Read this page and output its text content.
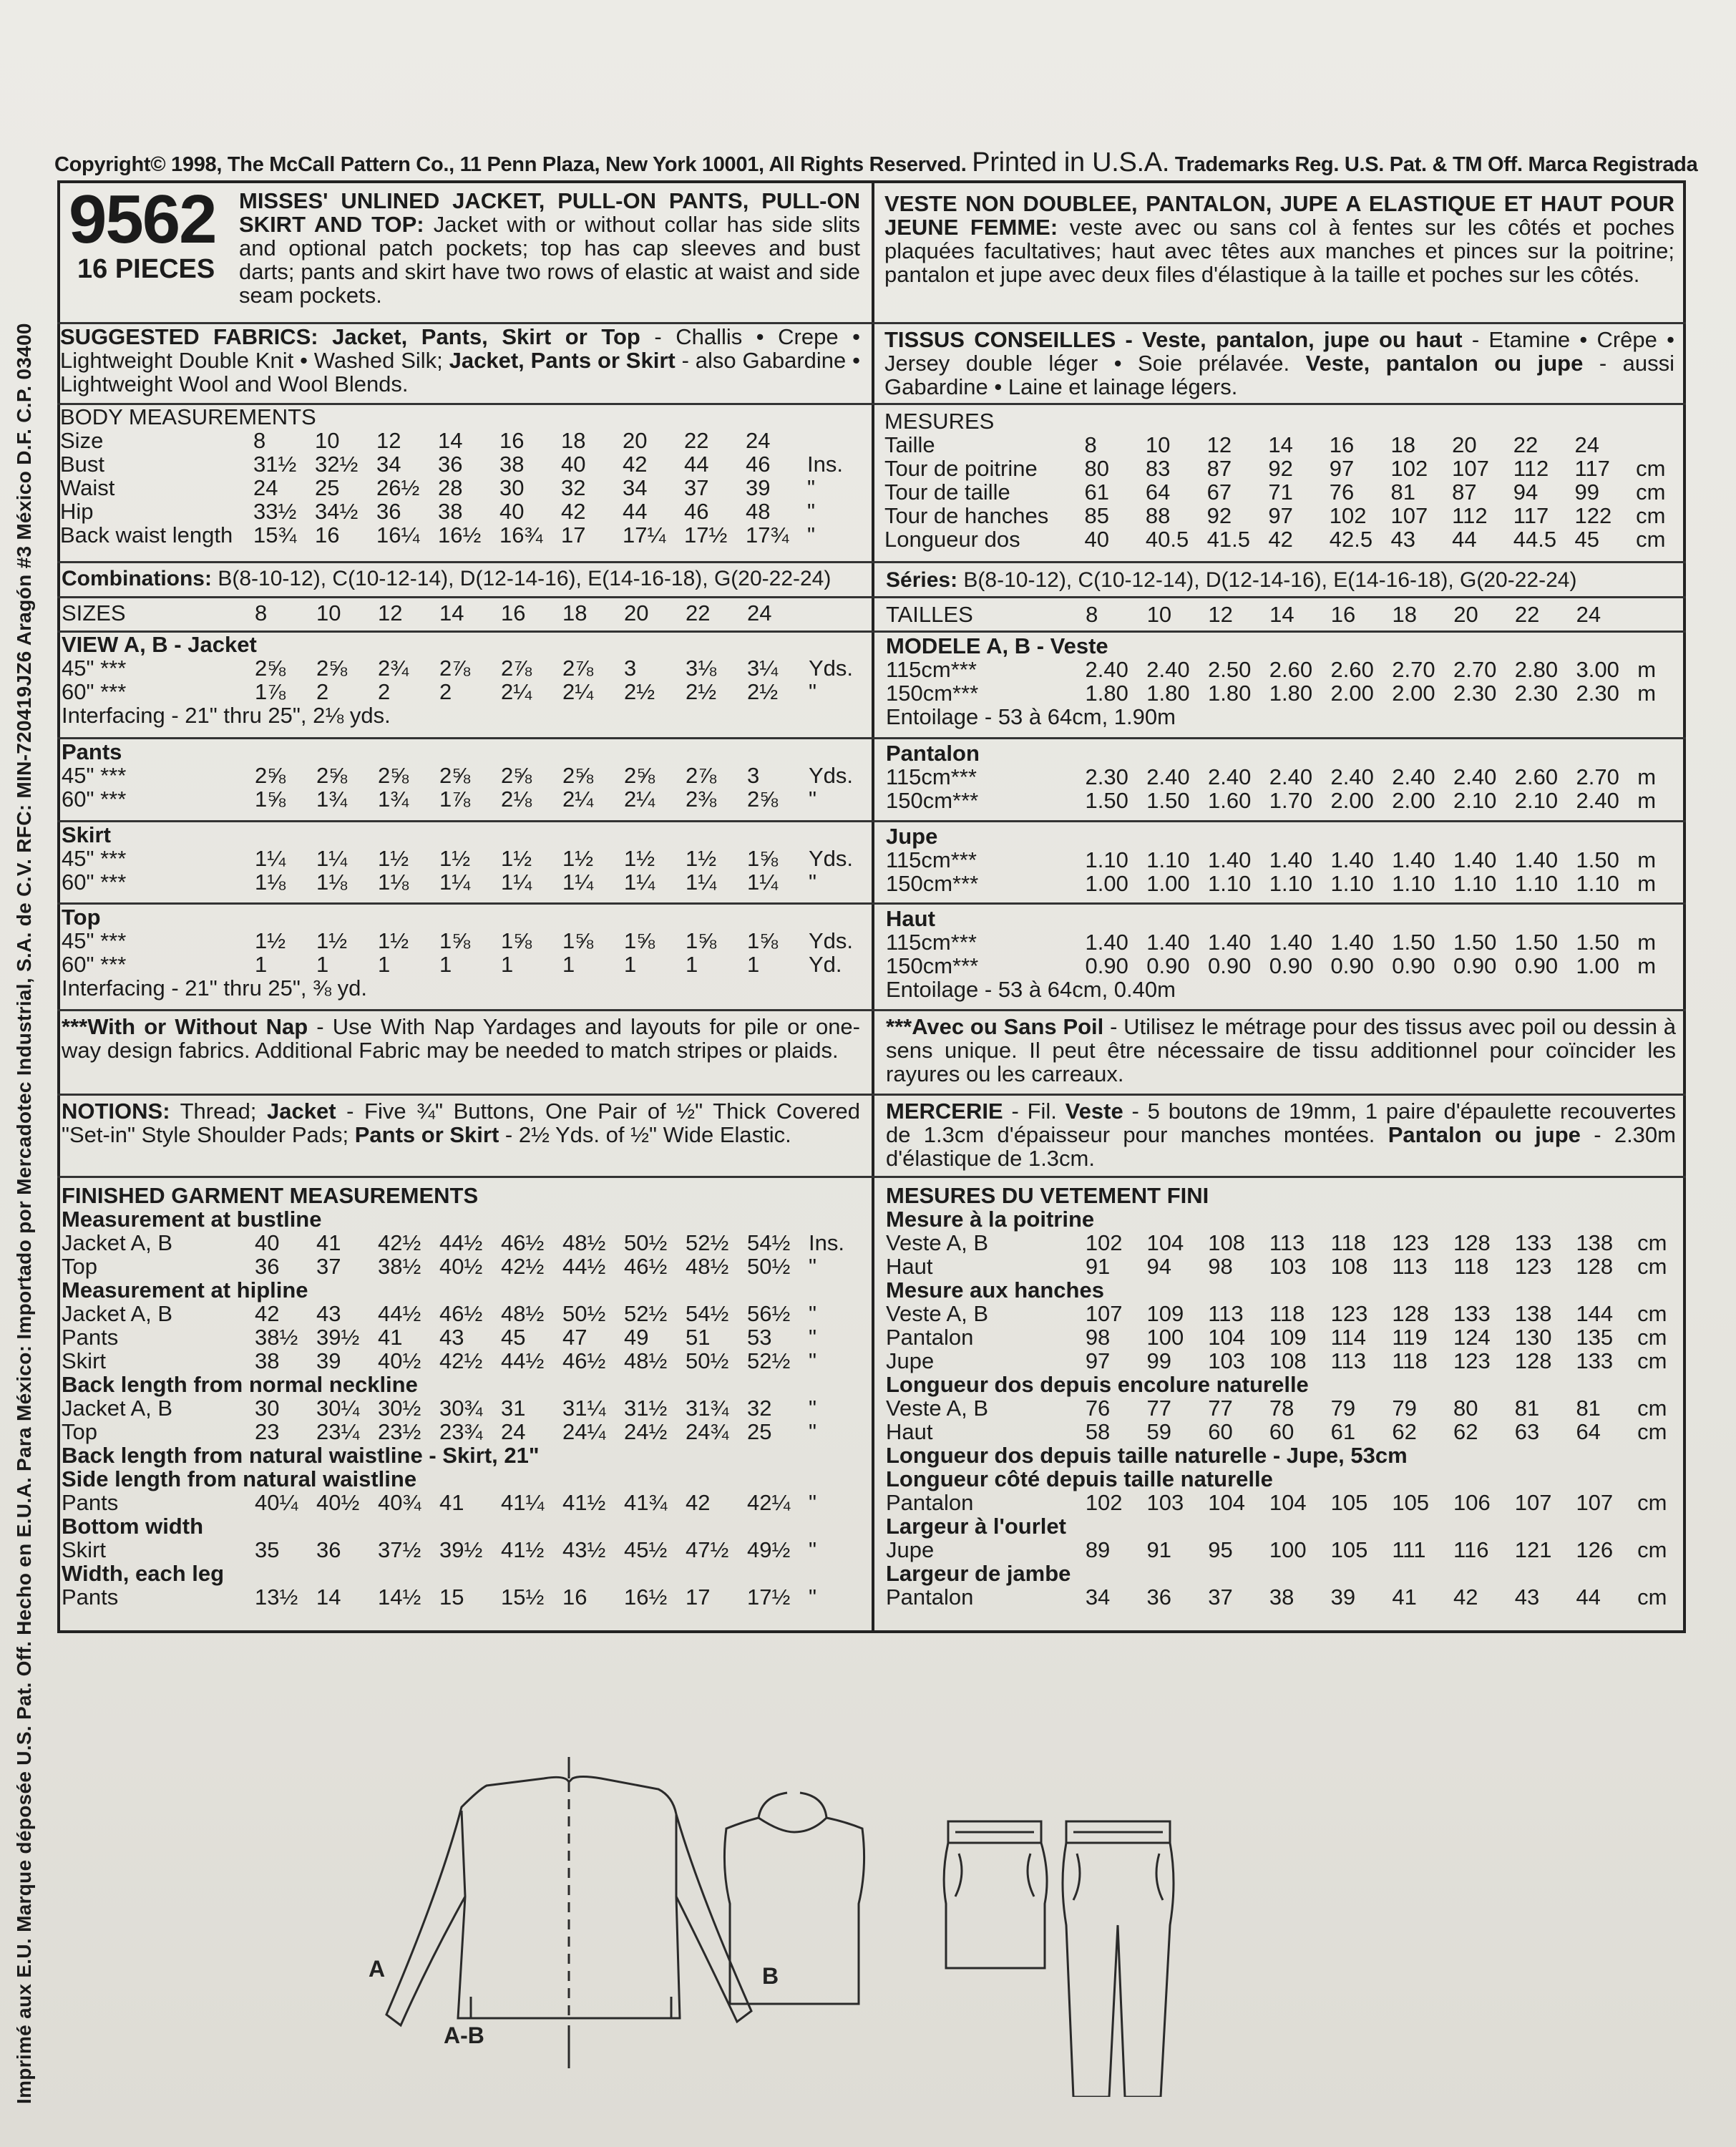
Copyright© 1998, The McCall Pattern Co., 11 Penn Plaza, New York 10001, All Rights Reserved. Printed in U.S.A. Trademarks Reg. U.S. Pat. & TM Off. Marca Registrada
Imprimé aux E.U. Marque déposée U.S. Pat. Off. Hecho en E.U.A. Para México: Importado por Mercadotec Industrial, S.A. de C.V. RFC: MIN-720419JZ6 Aragón #3 México D.F. C.P. 03400
9562
16 PIECES
MISSES' UNLINED JACKET, PULL-ON PANTS, PULL-ON SKIRT AND TOP: Jacket with or without collar has side slits and optional patch pockets; top has cap sleeves and bust darts; pants and skirt have two rows of elastic at waist and side seam pockets.
VESTE NON DOUBLEE, PANTALON, JUPE A ELASTIQUE ET HAUT POUR JEUNE FEMME: veste avec ou sans col à fentes sur les côtés et poches plaquées facultatives; haut avec têtes aux manches et pinces sur la poitrine; pantalon et jupe avec deux files d'élastique à la taille et poches sur les côtés.
SUGGESTED FABRICS: Jacket, Pants, Skirt or Top - Challis • Crepe • Lightweight Double Knit • Washed Silk; Jacket, Pants or Skirt - also Gabardine • Lightweight Wool and Wool Blends.
TISSUS CONSEILLES - Veste, pantalon, jupe ou haut - Etamine • Crêpe • Jersey double léger • Soie prélavée. Veste, pantalon ou jupe - aussi Gabardine • Laine et lainage légers.
BODY MEASUREMENTS
Size	8	10	12	14	16	18	20	22	24	
Bust	31½	32½	34	36	38	40	42	44	46	Ins.
Waist	24	25	26½	28	30	32	34	37	39	"
Hip	33½	34½	36	38	40	42	44	46	48	"
Back waist length	15¾	16	16¼	16½	16¾	17	17¼	17½	17¾	"
MESURES
Taille	8	10	12	14	16	18	20	22	24	
Tour de poitrine	80	83	87	92	97	102	107	112	117	cm
Tour de taille	61	64	67	71	76	81	87	94	99	cm
Tour de hanches	85	88	92	97	102	107	112	117	122	cm
Longueur dos	40	40.5	41.5	42	42.5	43	44	44.5	45	cm
Combinations: B(8-10-12), C(10-12-14), D(12-14-16), E(14-16-18), G(20-22-24)	Séries: B(8-10-12), C(10-12-14), D(12-14-16), E(14-16-18), G(20-22-24)
SIZES	8	10	12	14	16	18	20	22	24		TAILLES	8	10	12	14	16	18	20	22	24	
VIEW A, B - Jacket
45" ***	2⅝	2⅝	2¾	2⅞	2⅞	2⅞	3	3⅛	3¼	Yds.
60" ***	1⅞	2	2	2	2¼	2¼	2½	2½	2½	"
Interfacing - 21" thru 25", 2⅛ yds.
Pants
45" ***	2⅝	2⅝	2⅝	2⅝	2⅝	2⅝	2⅝	2⅞	3	Yds.
60" ***	1⅝	1¾	1¾	1⅞	2⅛	2¼	2¼	2⅜	2⅝	"
Skirt
45" ***	1¼	1¼	1½	1½	1½	1½	1½	1½	1⅝	Yds.
60" ***	1⅛	1⅛	1⅛	1¼	1¼	1¼	1¼	1¼	1¼	"
Top
45" ***	1½	1½	1½	1⅝	1⅝	1⅝	1⅝	1⅝	1⅝	Yds.
60" ***	1	1	1	1	1	1	1	1	1	Yd.
Interfacing - 21" thru 25", ⅜ yd.
MODELE A, B - Veste
115cm***	2.40	2.40	2.50	2.60	2.60	2.70	2.70	2.80	3.00	m
150cm***	1.80	1.80	1.80	1.80	2.00	2.00	2.30	2.30	2.30	m
Entoilage - 53 à 64cm, 1.90m
Pantalon
115cm***	2.30	2.40	2.40	2.40	2.40	2.40	2.40	2.60	2.70	m
150cm***	1.50	1.50	1.60	1.70	2.00	2.00	2.10	2.10	2.40	m
Jupe
115cm***	1.10	1.10	1.40	1.40	1.40	1.40	1.40	1.40	1.50	m
150cm***	1.00	1.00	1.10	1.10	1.10	1.10	1.10	1.10	1.10	m
Haut
115cm***	1.40	1.40	1.40	1.40	1.40	1.50	1.50	1.50	1.50	m
150cm***	0.90	0.90	0.90	0.90	0.90	0.90	0.90	0.90	1.00	m
Entoilage - 53 à 64cm, 0.40m
***With or Without Nap - Use With Nap Yardages and layouts for pile or one-way design fabrics. Additional Fabric may be needed to match stripes or plaids.
***Avec ou Sans Poil - Utilisez le métrage pour des tissus avec poil ou dessin à sens unique. Il peut être nécessaire de tissu additionnel pour coïncider les rayures ou les carreaux.
NOTIONS: Thread; Jacket - Five ¾" Buttons, One Pair of ½" Thick Covered "Set-in" Style Shoulder Pads; Pants or Skirt - 2½ Yds. of ½" Wide Elastic.
MERCERIE - Fil. Veste - 5 boutons de 19mm, 1 paire d'épaulette recouvertes de 1.3cm d'épaisseur pour manches montées. Pantalon ou jupe - 2.30m d'élastique de 1.3cm.
FINISHED GARMENT MEASUREMENTS
Measurement at bustline										
Jacket A, B	40	41	42½	44½	46½	48½	50½	52½	54½	Ins.
Top	36	37	38½	40½	42½	44½	46½	48½	50½	"
Measurement at hipline										
Jacket A, B	42	43	44½	46½	48½	50½	52½	54½	56½	"
Pants	38½	39½	41	43	45	47	49	51	53	"
Skirt	38	39	40½	42½	44½	46½	48½	50½	52½	"
Back length from normal neckline										
Jacket A, B	30	30¼	30½	30¾	31	31¼	31½	31¾	32	"
Top	23	23¼	23½	23¾	24	24¼	24½	24¾	25	"
Back length from natural waistline - Skirt, 21"										
Side length from natural waistline										
Pants	40¼	40½	40¾	41	41¼	41½	41¾	42	42¼	"
Bottom width										
Skirt	35	36	37½	39½	41½	43½	45½	47½	49½	"
Width, each leg										
Pants	13½	14	14½	15	15½	16	16½	17	17½	"
MESURES DU VETEMENT FINI
Mesure à la poitrine										
Veste A, B	102	104	108	113	118	123	128	133	138	cm
Haut	91	94	98	103	108	113	118	123	128	cm
Mesure aux hanches										
Veste A, B	107	109	113	118	123	128	133	138	144	cm
Pantalon	98	100	104	109	114	119	124	130	135	cm
Jupe	97	99	103	108	113	118	123	128	133	cm
Longueur dos depuis encolure naturelle										
Veste A, B	76	77	77	78	79	79	80	81	81	cm
Haut	58	59	60	60	61	62	62	63	64	cm
Longueur dos depuis taille naturelle - Jupe, 53cm										
Longueur côté depuis taille naturelle										
Pantalon	102	103	104	104	105	105	106	107	107	cm
Largeur à l'ourlet										
Jupe	89	91	95	100	105	111	116	121	126	cm
Largeur de jambe										
Pantalon	34	36	37	38	39	41	42	43	44	cm
A	B
A-B
